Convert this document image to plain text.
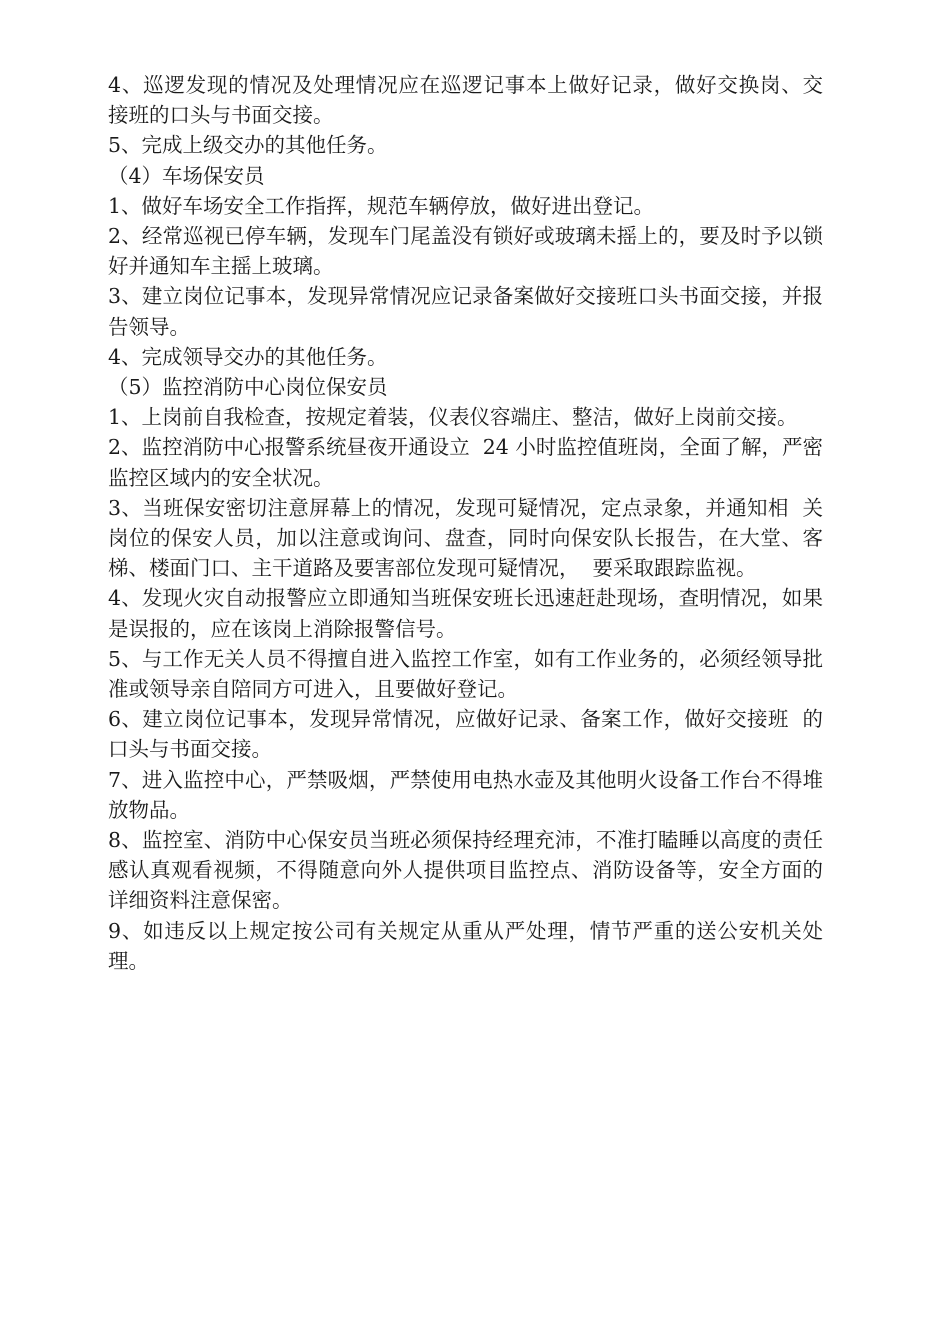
4、巡逻发现的情况及处理情况应在巡逻记事本上做好记录，做好交换岗、交  接班的口头与书面交接。

5、完成上级交办的其他任务。

（4）车场保安员

1、做好车场安全工作指挥，规范车辆停放，做好进出登记。

2、经常巡视已停车辆，发现车门尾盖没有锁好或玻璃未摇上的，要及时予以锁好并通知车主摇上玻璃。

3、建立岗位记事本，发现异常情况应记录备案做好交接班口头书面交接，并报告领导。

4、完成领导交办的其他任务。

（5）监控消防中心岗位保安员

1、上岗前自我检查，按规定着装，仪表仪容端庄、整洁，做好上岗前交接。

2、监控消防中心报警系统昼夜开通设立  24 小时监控值班岗，全面了解，严密监控区域内的安全状况。

3、当班保安密切注意屏幕上的情况，发现可疑情况，定点录象，并通知相  关岗位的保安人员，加以注意或询问、盘查，同时向保安队长报告，在大堂、客梯、楼面门口、主干道路及要害部位发现可疑情况，  要采取跟踪监视。

4、发现火灾自动报警应立即通知当班保安班长迅速赶赴现场，查明情况，如果是误报的，应在该岗上消除报警信号。

5、与工作无关人员不得擅自进入监控工作室，如有工作业务的，必须经领导批准或领导亲自陪同方可进入，且要做好登记。

6、建立岗位记事本，发现异常情况，应做好记录、备案工作，做好交接班  的口头与书面交接。

7、进入监控中心，严禁吸烟，严禁使用电热水壶及其他明火设备工作台不得堆放物品。

8、监控室、消防中心保安员当班必须保持经理充沛，不准打瞌睡以高度的责任感认真观看视频，不得随意向外人提供项目监控点、消防设备等，安全方面的详细资料注意保密。

9、如违反以上规定按公司有关规定从重从严处理，情节严重的送公安机关处理。
